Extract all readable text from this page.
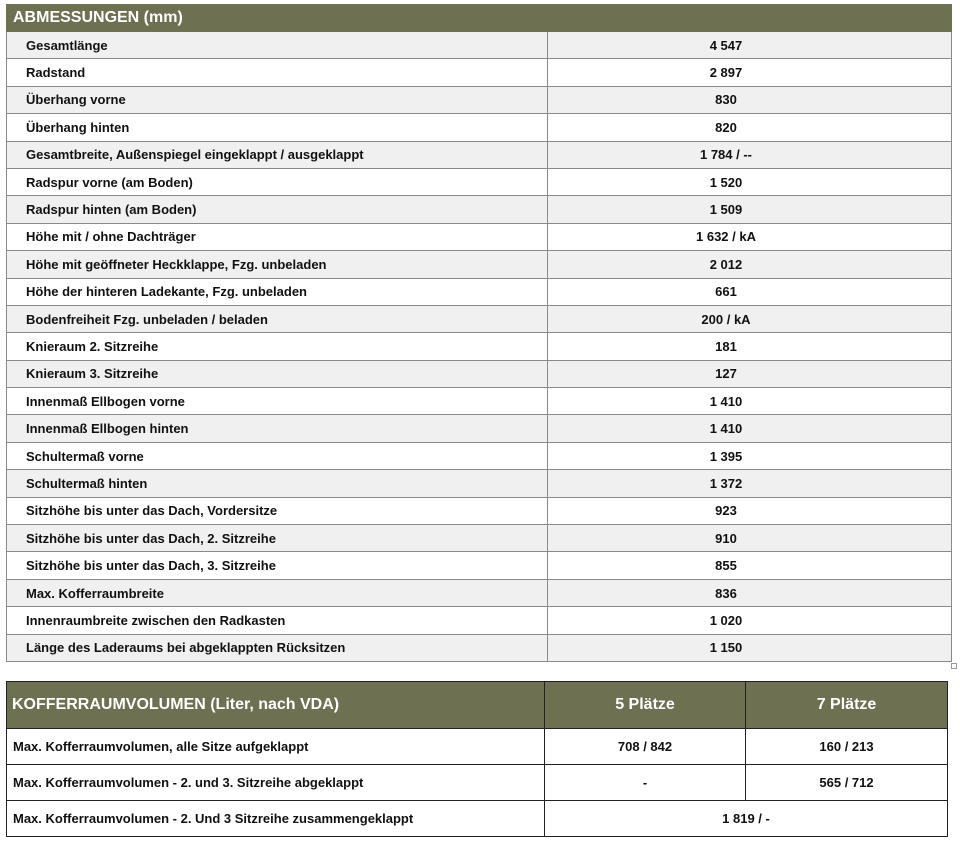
ABMESSUNGEN (mm)	
Gesamtlänge	4 547
Radstand	2 897
Überhang vorne	830
Überhang hinten	820
Gesamtbreite, Außenspiegel eingeklappt / ausgeklappt	1 784 / --
Radspur vorne (am Boden)	1 520
Radspur hinten (am Boden)	1 509
Höhe mit / ohne Dachträger	1 632 / kA
Höhe mit geöffneter Heckklappe, Fzg. unbeladen	2 012
Höhe der hinteren Ladekante, Fzg. unbeladen	661
Bodenfreiheit Fzg. unbeladen / beladen	200 / kA
Knieraum 2. Sitzreihe	181
Knieraum 3. Sitzreihe	127
Innenmaß Ellbogen vorne	1 410
Innenmaß Ellbogen hinten	1 410
Schultermaß vorne	1 395
Schultermaß hinten	1 372
Sitzhöhe bis unter das Dach, Vordersitze	923
Sitzhöhe bis unter das Dach, 2. Sitzreihe	910
Sitzhöhe bis unter das Dach, 3. Sitzreihe	855
Max. Kofferraumbreite	836
Innenraumbreite zwischen den Radkasten	1 020
Länge des Laderaums bei abgeklappten Rücksitzen	1 150
KOFFERRAUMVOLUMEN (Liter, nach VDA)	5 Plätze	7 Plätze
Max. Kofferraumvolumen, alle Sitze aufgeklappt	708 / 842	160 / 213
Max. Kofferraumvolumen - 2. und 3. Sitzreihe abgeklappt	-	565 / 712
Max. Kofferraumvolumen - 2. Und 3 Sitzreihe zusammengeklappt	1 819 / -	
